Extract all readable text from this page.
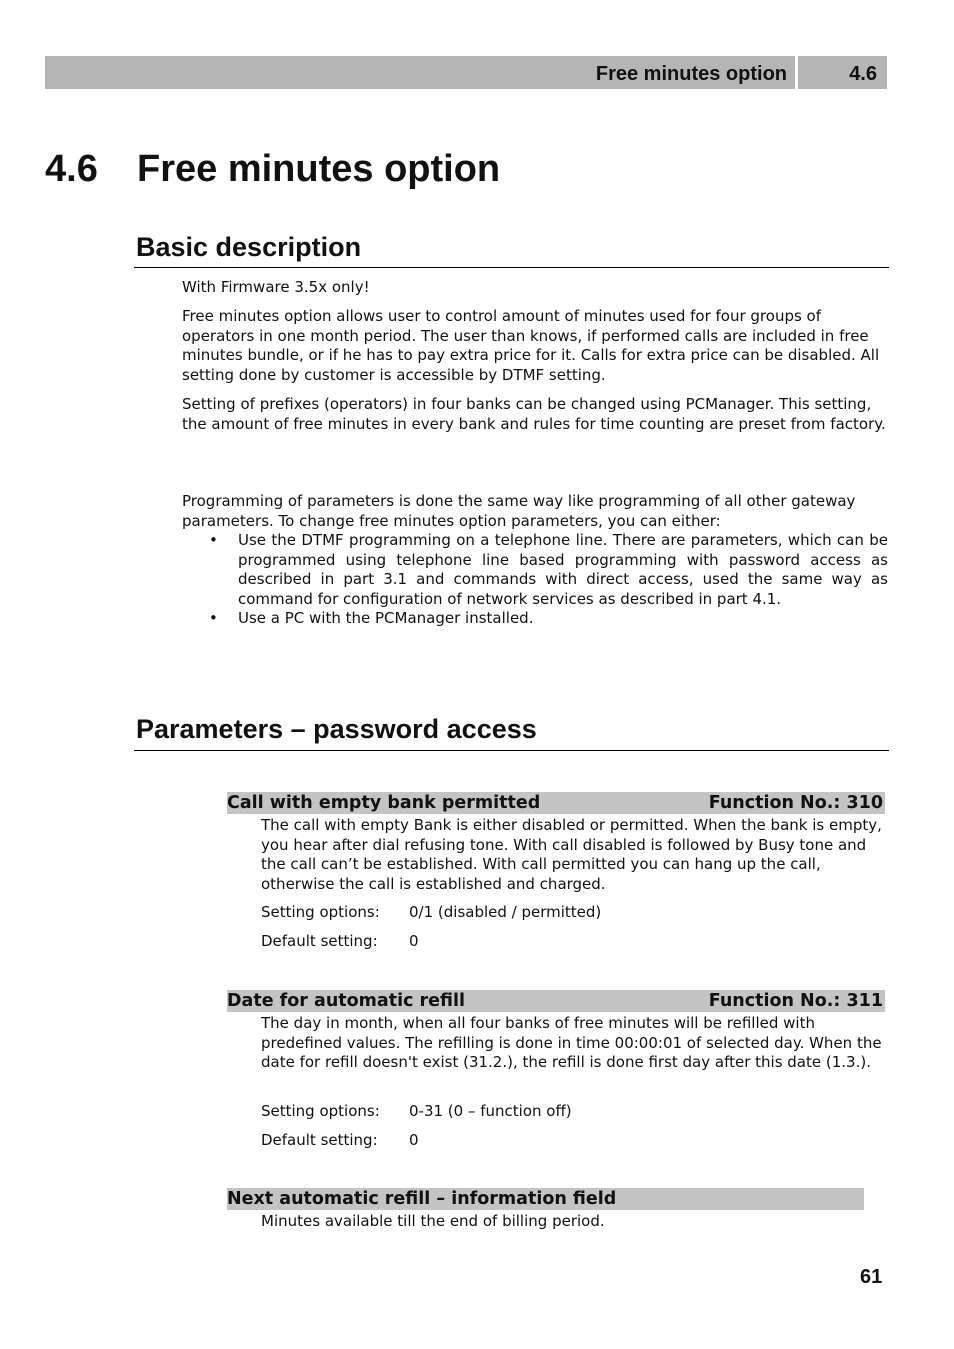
Free minutes option	4.6
4.6 Free minutes option
Basic description
With Firmware 3.5x only!
Free minutes option allows user to control amount of minutes used for four groups of operators in one month period. The user than knows, if performed calls are included in free minutes bundle, or if he has to pay extra price for it. Calls for extra price can be disabled. All setting done by customer is accessible by DTMF setting.
Setting of prefixes (operators) in four banks can be changed using PCManager. This setting, the amount of free minutes in every bank and rules for time counting are preset from factory.
Programming of parameters is done the same way like programming of all other gateway parameters. To change free minutes option parameters, you can either:
• Use the DTMF programming on a telephone line. There are parameters, which can be programmed using telephone line based programming with password access as described in part 3.1 and commands with direct access, used the same way as command for configuration of network services as described in part 4.1.
• Use a PC with the PCManager installed.
Parameters – password access
Call with empty bank permitted	Function No.: 310
The call with empty Bank is either disabled or permitted. When the bank is empty, you hear after dial refusing tone. With call disabled is followed by Busy tone and the call can’t be established. With call permitted you can hang up the call, otherwise the call is established and charged.
Setting options: 0/1 (disabled / permitted)
Default setting: 0
Date for automatic refill	Function No.: 311
The day in month, when all four banks of free minutes will be refilled with predefined values. The refilling is done in time 00:00:01 of selected day. When the date for refill doesn't exist (31.2.), the refill is done first day after this date (1.3.).
Setting options: 0-31 (0 – function off)
Default setting: 0
Next automatic refill – information field
Minutes available till the end of billing period.
61
